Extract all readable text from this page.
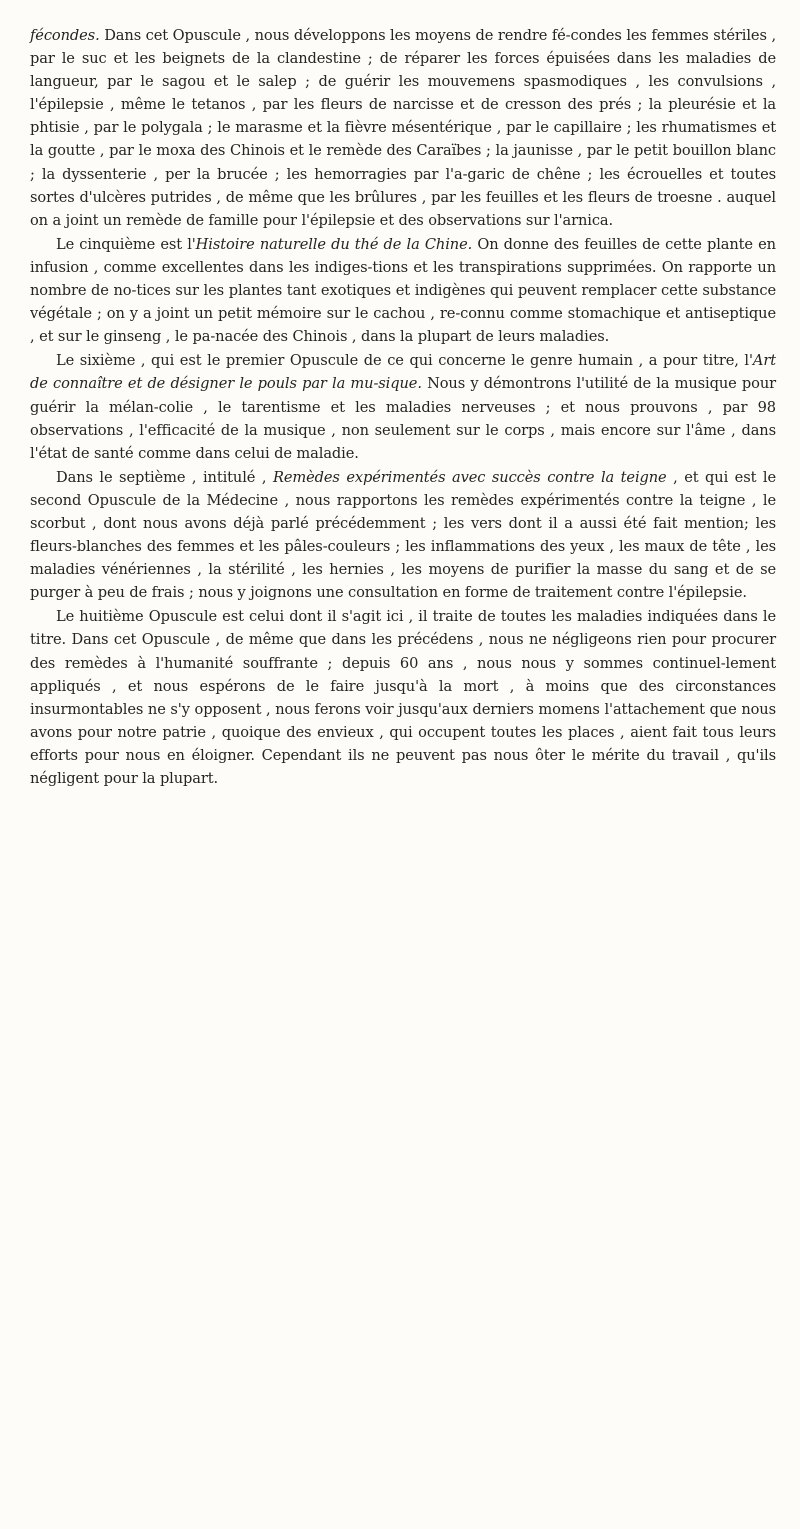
fécondes. Dans cet Opuscule , nous développons les moyens de rendre fé-condes les femmes stériles , par le suc et les beignets de la clandestine ; de réparer les forces épuisées dans les maladies de langueur, par le sagou et le salep ; de guérir les mouvemens spasmodiques , les convulsions , l'épilepsie , même le tetanos , par les fleurs de narcisse et de cresson des prés ; la pleurésie et la phtisie , par le polygala ; le marasme et la fièvre mésentérique , par le capillaire ; les rhumatismes et la goutte , par le moxa des Chinois et le remède des Caraïbes ; la jaunisse , par le petit bouillon blanc ; la dyssenterie , per la brucée ; les hemorragies par l'a-garic de chêne ; les écrouelles et toutes sortes d'ulcères putrides , de même que les brûlures , par les feuilles et les fleurs de troesne . auquel on a joint un remède de famille pour l'épilepsie et des observations sur l'arnica.

Le cinquième est l'Histoire naturelle du thé de la Chine. On donne des feuilles de cette plante en infusion , comme excellentes dans les indiges-tions et les transpirations supprimées. On rapporte un nombre de no-tices sur les plantes tant exotiques et indigènes qui peuvent remplacer cette substance végétale ; on y a joint un petit mémoire sur le cachou , re-connu comme stomachique et antiseptique , et sur le ginseng , le pa-nacée des Chinois , dans la plupart de leurs maladies.

Le sixième , qui est le premier Opuscule de ce qui concerne le genre humain , a pour titre, l'Art de connaître et de désigner le pouls par la mu-sique. Nous y démontrons l'utilité de la musique pour guérir la mélan-colie , le tarentisme et les maladies nerveuses ; et nous prouvons , par 98 observations , l'efficacité de la musique , non seulement sur le corps , mais encore sur l'âme , dans l'état de santé comme dans celui de maladie.

Dans le septième , intitulé , Remèdes expérimentés avec succès contre la teigne , et qui est le second Opuscule de la Médecine , nous rapportons les remèdes expérimentés contre la teigne , le scorbut , dont nous avons déjà parlé précédemment ; les vers dont il a aussi été fait mention; les fleurs-blanches des femmes et les pâles-couleurs ; les inflammations des yeux , les maux de tête , les maladies vénériennes , la stérilité , les hernies , les moyens de purifier la masse du sang et de se purger à peu de frais ; nous y joignons une consultation en forme de traitement contre l'épilepsie.

Le huitième Opuscule est celui dont il s'agit ici , il traite de toutes les maladies indiquées dans le titre. Dans cet Opuscule , de même que dans les précédens , nous ne négligeons rien pour procurer des remèdes à l'humanité souffrante ; depuis 60 ans , nous nous y sommes continuel-lement appliqués , et nous espérons de le faire jusqu'à la mort , à moins que des circonstances insurmontables ne s'y opposent , nous ferons voir jusqu'aux derniers momens l'attachement que nous avons pour notre patrie , quoique des envieux , qui occupent toutes les places , aient fait tous leurs efforts pour nous en éloigner. Cependant ils ne peuvent pas nous ôter le mérite du travail , qu'ils négligent pour la plupart.
